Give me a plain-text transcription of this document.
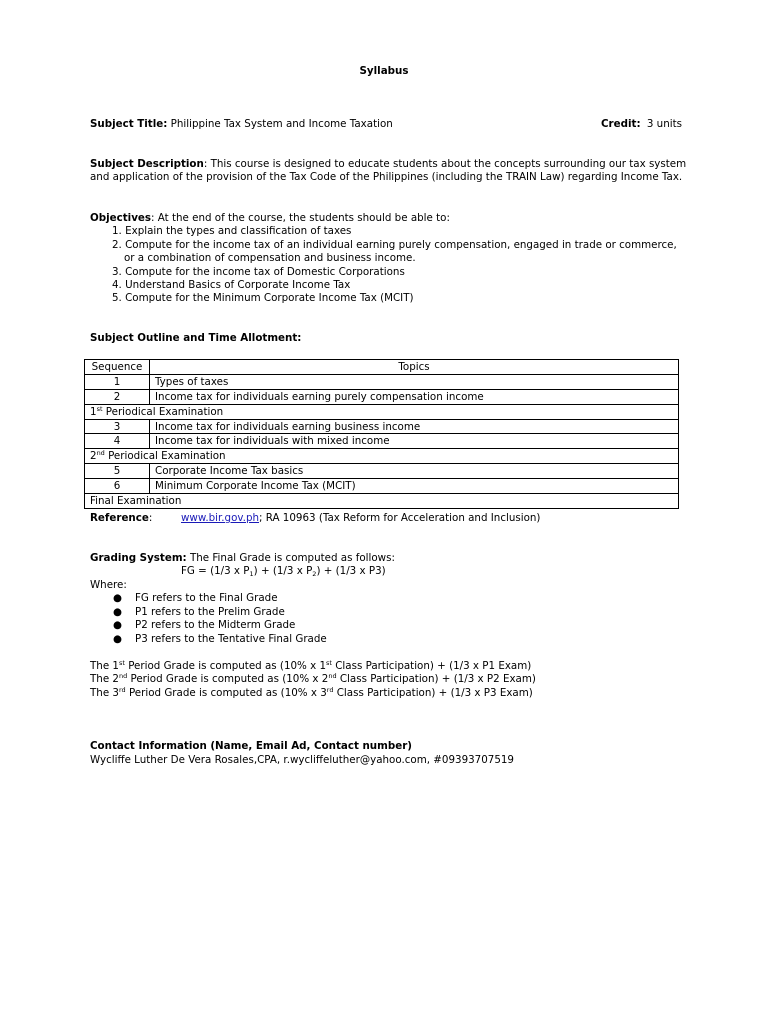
Syllabus
Subject Title: Philippine Tax System and Income Taxation	Credit: 3 units
Subject Description: This course is designed to educate students about the concepts surrounding our tax system
and application of the provision of the Tax Code of the Philippines (including the TRAIN Law) regarding Income Tax.
Objectives: At the end of the course, the students should be able to:
1. Explain the types and classification of taxes
2. Compute for the income tax of an individual earning purely compensation, engaged in trade or commerce,
or a combination of compensation and business income.
3. Compute for the income tax of Domestic Corporations
4. Understand Basics of Corporate Income Tax
5. Compute for the Minimum Corporate Income Tax (MCIT)
Subject Outline and Time Allotment:
Sequence	Topics
1	Types of taxes
2	Income tax for individuals earning purely compensation income
1st Periodical Examination	
3	Income tax for individuals earning business income
4	Income tax for individuals with mixed income
2nd Periodical Examination	
5	Corporate Income Tax basics
6	Minimum Corporate Income Tax (MCIT)
Final Examination	
Reference:	www.bir.gov.ph; RA 10963 (Tax Reform for Acceleration and Inclusion)
Grading System: The Final Grade is computed as follows:
FG = (1/3 x $P_1) + (1/3$ x $P_2) + (1/3$ x P3)
Where:
● FG refers to the Final Grade
● P1 refers to the Prelim Grade
● P2 refers to the Midterm Grade
● P3 refers to the Tentative Final Grade
The 1st Period Grade is computed as (10% x 1st Class Participation) + (1/3 x P1 Exam)
The 2nd Period Grade is computed as (10% x 2nd Class Participation) + (1/3 x P2 Exam)
The 3rd Period Grade is computed as (10% x 3rd Class Participation) + (1/3 x P3 Exam)
Contact Information (Name, Email Ad, Contact number)
Wycliffe Luther De Vera Rosales,CPA, r.wycliffeluther@yahoo.com, #09393707519
